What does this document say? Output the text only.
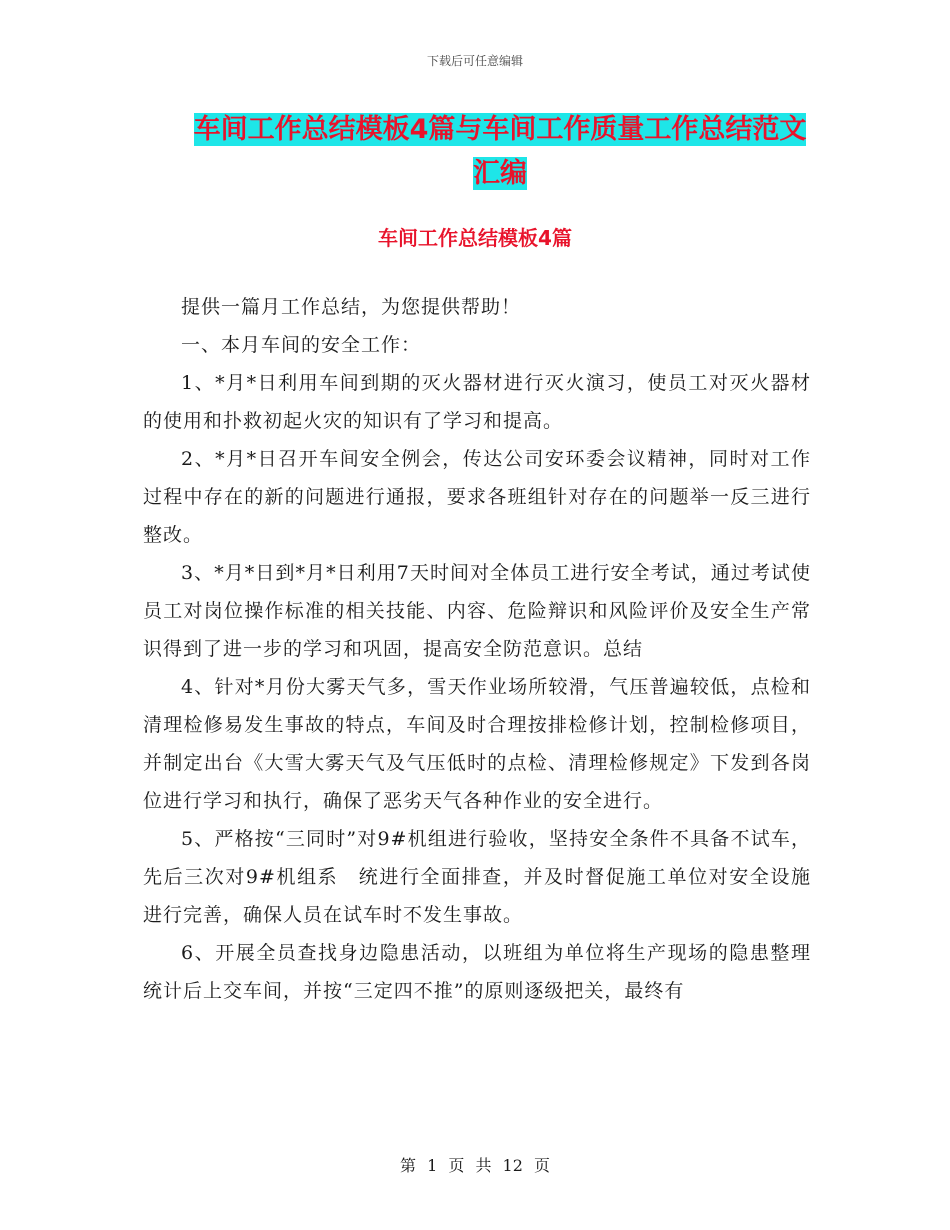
下载后可任意编辑
车间工作总结模板4篇与车间工作质量工作总结范文
汇编
车间工作总结模板4篇

提供一篇月工作总结，为您提供帮助！

一、本月车间的安全工作：

1、*月*日利用车间到期的灭火器材进行灭火演习，使员工对灭火器材的使用和扑救初起火灾的知识有了学习和提高。

2、*月*日召开车间安全例会，传达公司安环委会议精神，同时对工作过程中存在的新的问题进行通报，要求各班组针对存在的问题举一反三进行整改。

3、*月*日到*月*日利用7天时间对全体员工进行安全考试，通过考试使员工对岗位操作标准的相关技能、内容、危险辩识和风险评价及安全生产常识得到了进一步的学习和巩固，提高安全防范意识。总结

4、针对*月份大雾天气多，雪天作业场所较滑，气压普遍较低，点检和清理检修易发生事故的特点，车间及时合理按排检修计划，控制检修项目，并制定出台《大雪大雾天气及气压低时的点检、清理检修规定》下发到各岗位进行学习和执行，确保了恶劣天气各种作业的安全进行。

5、严格按“三同时”对9#机组进行验收，坚持安全条件不具备不试车，先后三次对9#机组系　统进行全面排查，并及时督促施工单位对安全设施进行完善，确保人员在试车时不发生事故。

6、开展全员查找身边隐患活动，以班组为单位将生产现场的隐患整理统计后上交车间，并按“三定四不推”的原则逐级把关，最终有

第 1 页 共 12 页
